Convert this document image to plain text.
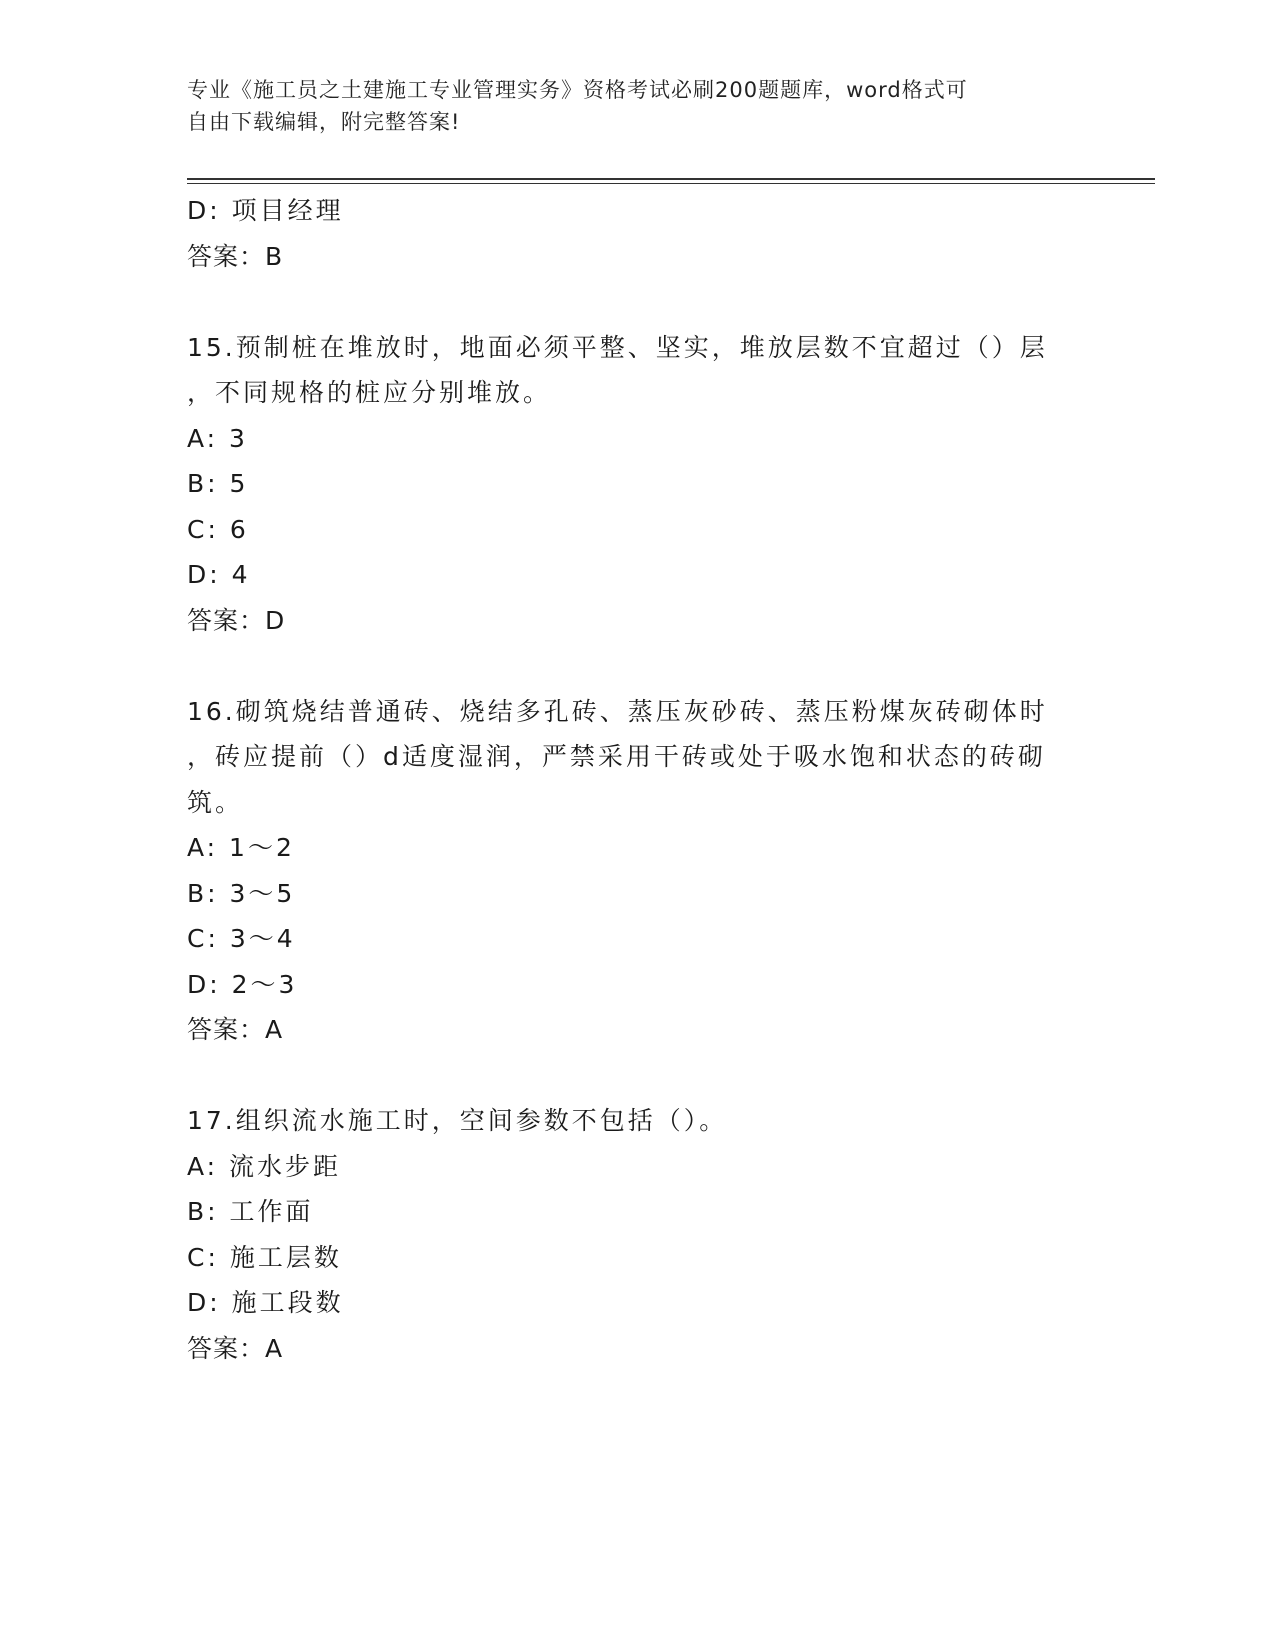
专业《施工员之土建施工专业管理实务》资格考试必刷200题题库，word格式可
自由下载编辑，附完整答案!
D: 项目经理
答案：B
15.预制桩在堆放时，地面必须平整、坚实，堆放层数不宜超过（）层
，不同规格的桩应分别堆放。
A: 3
B: 5
C: 6
D: 4
答案：D
16.砌筑烧结普通砖、烧结多孔砖、蒸压灰砂砖、蒸压粉煤灰砖砌体时
，砖应提前（）d适度湿润，严禁采用干砖或处于吸水饱和状态的砖砌
筑。
A: 1～2
B: 3～5
C: 3～4
D: 2～3
答案：A
17.组织流水施工时，空间参数不包括（）。
A: 流水步距
B: 工作面
C: 施工层数
D: 施工段数
答案：A
